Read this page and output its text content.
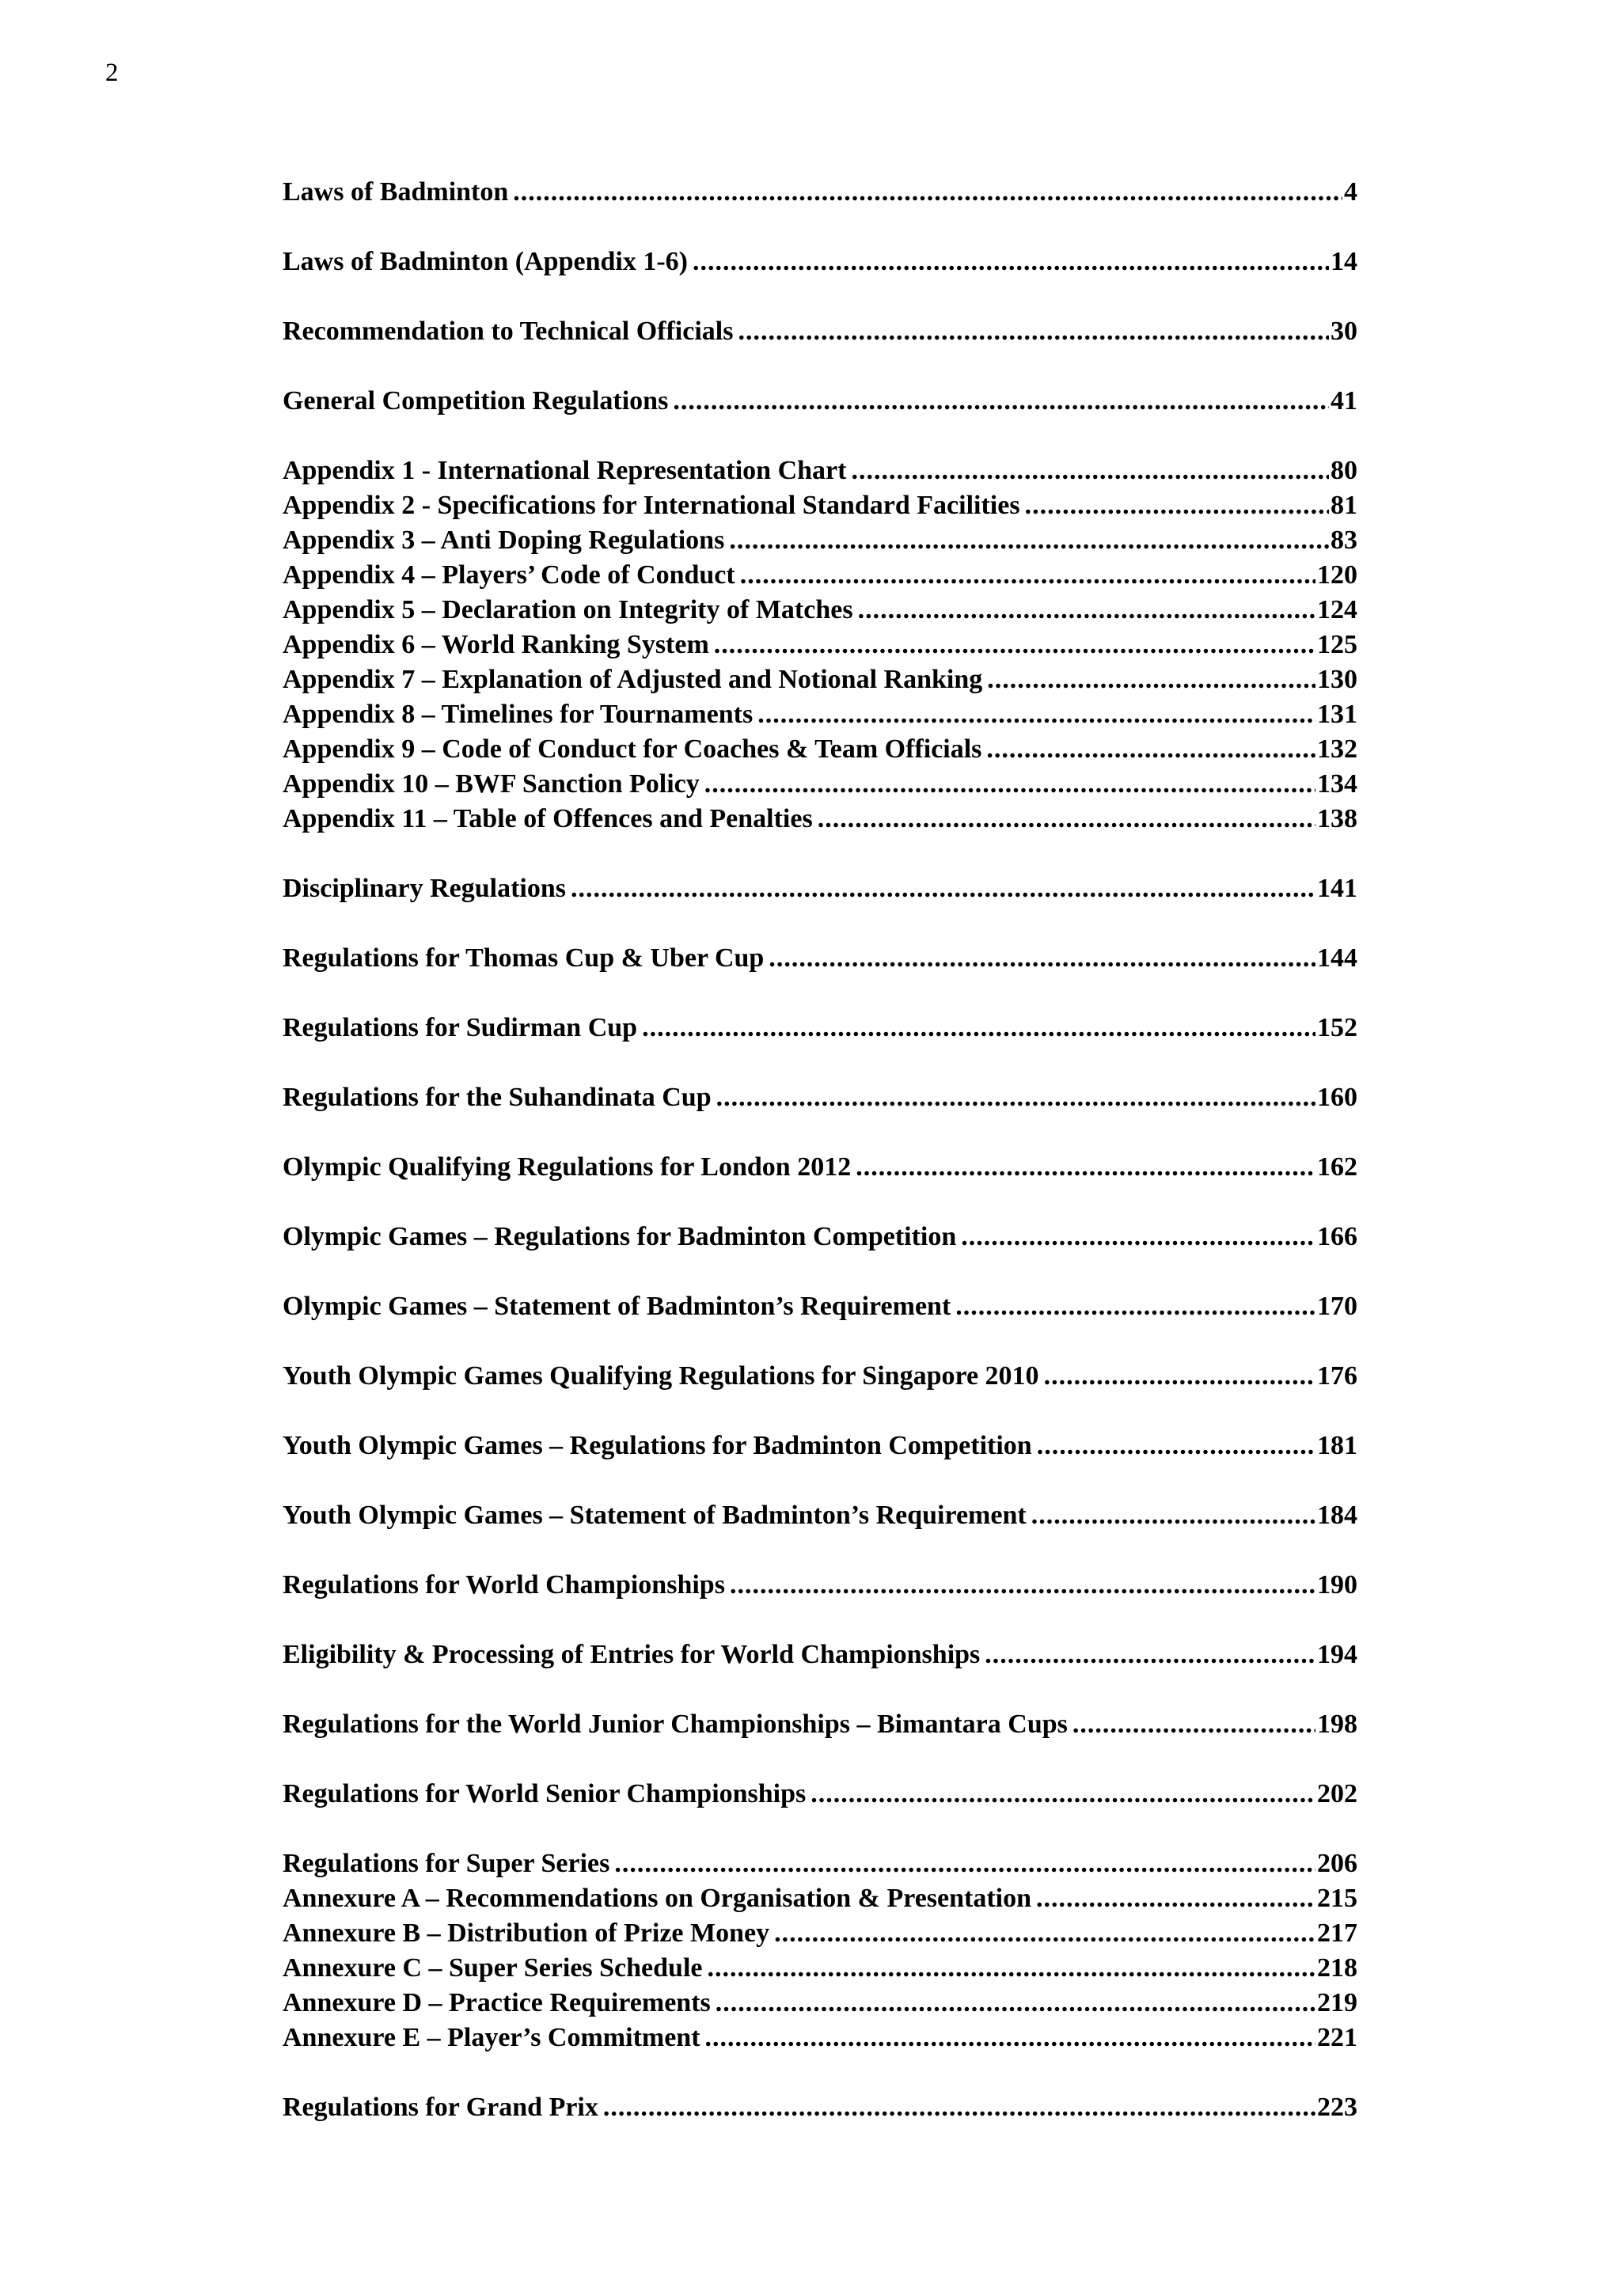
2
Laws of Badminton .....	4
Laws of Badminton (Appendix 1-6) .....	14
Recommendation to Technical Officials .....	30
General Competition Regulations .....	41
Appendix 1 - International Representation Chart .....	80
Appendix 2 - Specifications for International Standard Facilities .....	81
Appendix 3 – Anti Doping Regulations .....	83
Appendix 4 – Players’ Code of Conduct .....	120
Appendix 5 – Declaration on Integrity of Matches .....	124
Appendix 6 – World Ranking System .....	125
Appendix 7 – Explanation of Adjusted and Notional Ranking .....	130
Appendix 8 – Timelines for Tournaments .....	131
Appendix 9 – Code of Conduct for Coaches & Team Officials .....	132
Appendix 10 – BWF Sanction Policy .....	134
Appendix 11 – Table of Offences and Penalties .....	138
Disciplinary Regulations .....	141
Regulations for Thomas Cup & Uber Cup .....	144
Regulations for Sudirman Cup .....	152
Regulations for the Suhandinata Cup .....	160
Olympic Qualifying Regulations for London 2012 .....	162
Olympic Games – Regulations for Badminton Competition .....	166
Olympic Games – Statement of Badminton’s Requirement .....	170
Youth Olympic Games Qualifying Regulations for Singapore 2010 .....	176
Youth Olympic Games – Regulations for Badminton Competition .....	181
Youth Olympic Games – Statement of Badminton’s Requirement .....	184
Regulations for World Championships .....	190
Eligibility & Processing of Entries for World Championships .....	194
Regulations for the World Junior Championships – Bimantara Cups .....	198
Regulations for World Senior Championships .....	202
Regulations for Super Series .....	206
Annexure A – Recommendations on Organisation & Presentation .....	215
Annexure B – Distribution of Prize Money .....	217
Annexure C – Super Series Schedule .....	218
Annexure D – Practice Requirements .....	219
Annexure E – Player’s Commitment .....	221
Regulations for Grand Prix .....	223
